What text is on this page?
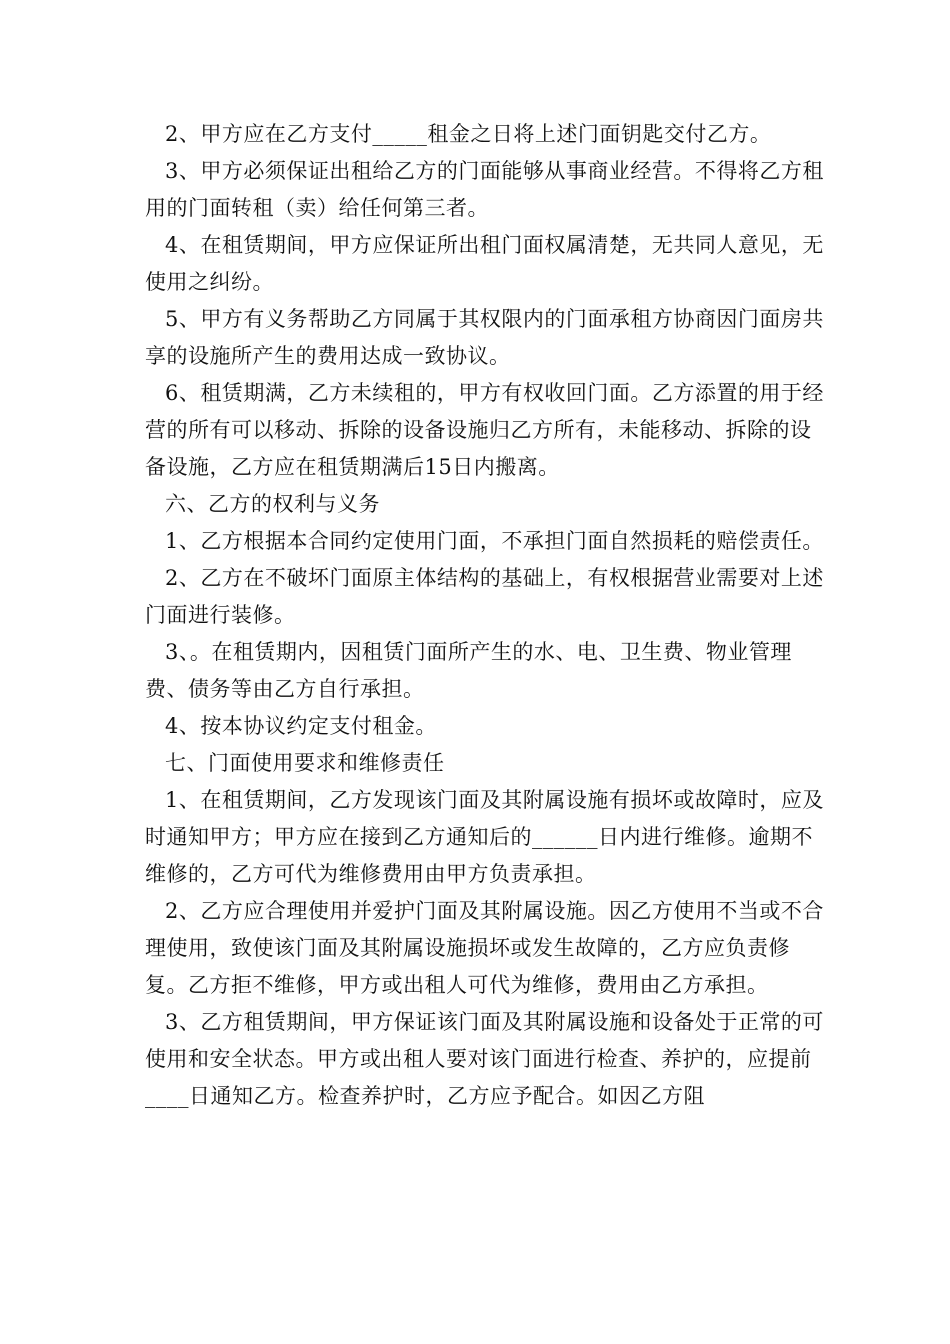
2、甲方应在乙方支付_____租金之日将上述门面钥匙交付乙方。

3、甲方必须保证出租给乙方的门面能够从事商业经营。不得将乙方租用的门面转租（卖）给任何第三者。

4、在租赁期间，甲方应保证所出租门面权属清楚，无共同人意见，无使用之纠纷。

5、甲方有义务帮助乙方同属于其权限内的门面承租方协商因门面房共享的设施所产生的费用达成一致协议。

6、租赁期满，乙方未续租的，甲方有权收回门面。乙方添置的用于经营的所有可以移动、拆除的设备设施归乙方所有，未能移动、拆除的设备设施，乙方应在租赁期满后15日内搬离。

六、乙方的权利与义务

1、乙方根据本合同约定使用门面，不承担门面自然损耗的赔偿责任。

2、乙方在不破坏门面原主体结构的基础上，有权根据营业需要对上述门面进行装修。

3、。在租赁期内，因租赁门面所产生的水、电、卫生费、物业管理费、债务等由乙方自行承担。

4、按本协议约定支付租金。

七、门面使用要求和维修责任

1、在租赁期间，乙方发现该门面及其附属设施有损坏或故障时，应及时通知甲方；甲方应在接到乙方通知后的______日内进行维修。逾期不维修的，乙方可代为维修费用由甲方负责承担。

2、乙方应合理使用并爱护门面及其附属设施。因乙方使用不当或不合理使用，致使该门面及其附属设施损坏或发生故障的，乙方应负责修复。乙方拒不维修，甲方或出租人可代为维修，费用由乙方承担。

3、乙方租赁期间，甲方保证该门面及其附属设施和设备处于正常的可使用和安全状态。甲方或出租人要对该门面进行检查、养护的，应提前____日通知乙方。检查养护时，乙方应予配合。如因乙方阻
